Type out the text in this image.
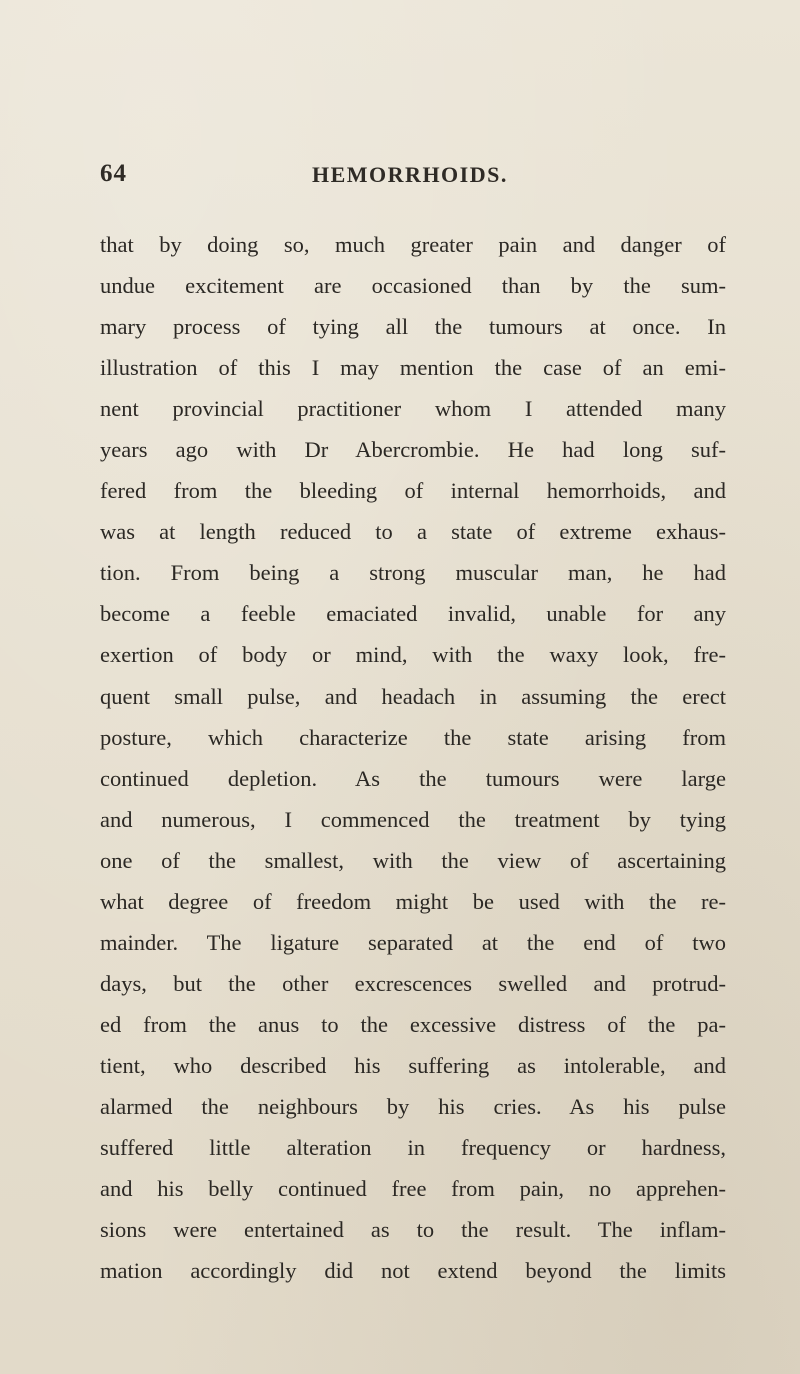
64	HEMORRHOIDS.
that by doing so, much greater pain and danger of
undue excitement are occasioned than by the sum-
mary process of tying all the tumours at once. In
illustration of this I may mention the case of an emi-
nent provincial practitioner whom I attended many
years ago with Dr Abercrombie. He had long suf-
fered from the bleeding of internal hemorrhoids, and
was at length reduced to a state of extreme exhaus-
tion. From being a strong muscular man, he had
become a feeble emaciated invalid, unable for any
exertion of body or mind, with the waxy look, fre-
quent small pulse, and headach in assuming the erect
posture, which characterize the state arising from
continued depletion. As the tumours were large
and numerous, I commenced the treatment by tying
one of the smallest, with the view of ascertaining
what degree of freedom might be used with the re-
mainder. The ligature separated at the end of two
days, but the other excrescences swelled and protrud-
ed from the anus to the excessive distress of the pa-
tient, who described his suffering as intolerable, and
alarmed the neighbours by his cries. As his pulse
suffered little alteration in frequency or hardness,
and his belly continued free from pain, no apprehen-
sions were entertained as to the result. The inflam-
mation accordingly did not extend beyond the limits
